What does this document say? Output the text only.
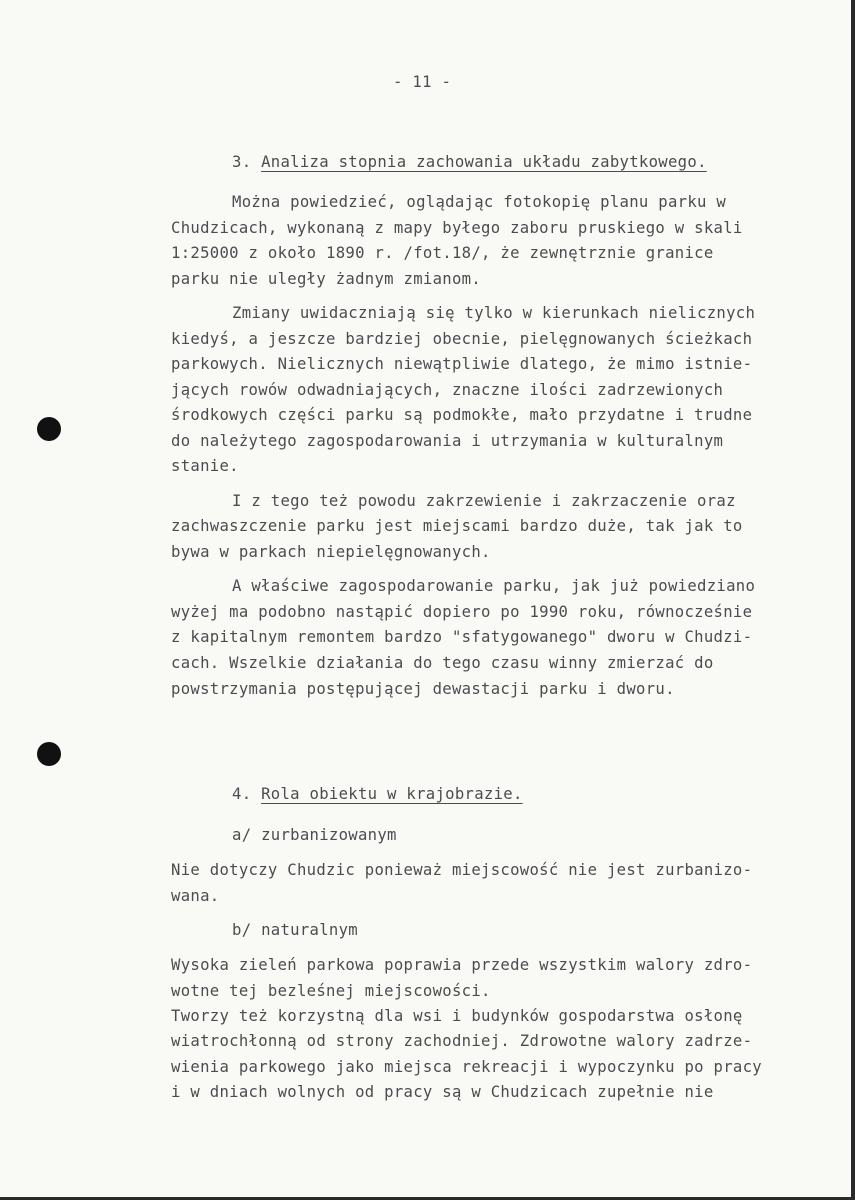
- 11 -
3. Analiza stopnia zachowania układu zabytkowego.
Można powiedzieć, oglądając fotokopię planu parku w
Chudzicach, wykonaną z mapy byłego zaboru pruskiego w skali
1:25000 z około 1890 r. /fot.18/, że zewnętrznie granice
parku nie uległy żadnym zmianom.
Zmiany uwidaczniają się tylko w kierunkach nielicznych
kiedyś, a jeszcze bardziej obecnie, pielęgnowanych ścieżkach
parkowych. Nielicznych niewątpliwie dlatego, że mimo istnie-
jących rowów odwadniających, znaczne ilości zadrzewionych
środkowych części parku są podmokłe, mało przydatne i trudne
do należytego zagospodarowania i utrzymania w kulturalnym
stanie.
I z tego też powodu zakrzewienie i zakrzaczenie oraz
zachwaszczenie parku jest miejscami bardzo duże, tak jak to
bywa w parkach niepielęgnowanych.
A właściwe zagospodarowanie parku, jak już powiedziano
wyżej ma podobno nastąpić dopiero po 1990 roku, równocześnie
z kapitalnym remontem bardzo "sfatygowanego" dworu w Chudzi-
cach. Wszelkie działania do tego czasu winny zmierzać do
powstrzymania postępującej dewastacji parku i dworu.
4. Rola obiektu w krajobrazie.
a/ zurbanizowanym
Nie dotyczy Chudzic ponieważ miejscowość nie jest zurbanizo-
wana.
b/ naturalnym
Wysoka zieleń parkowa poprawia przede wszystkim walory zdro-
wotne tej bezleśnej miejscowości.
Tworzy też korzystną dla wsi i budynków gospodarstwa osłonę
wiatrochłonną od strony zachodniej. Zdrowotne walory zadrze-
wienia parkowego jako miejsca rekreacji i wypoczynku po pracy
i w dniach wolnych od pracy są w Chudzicach zupełnie nie
